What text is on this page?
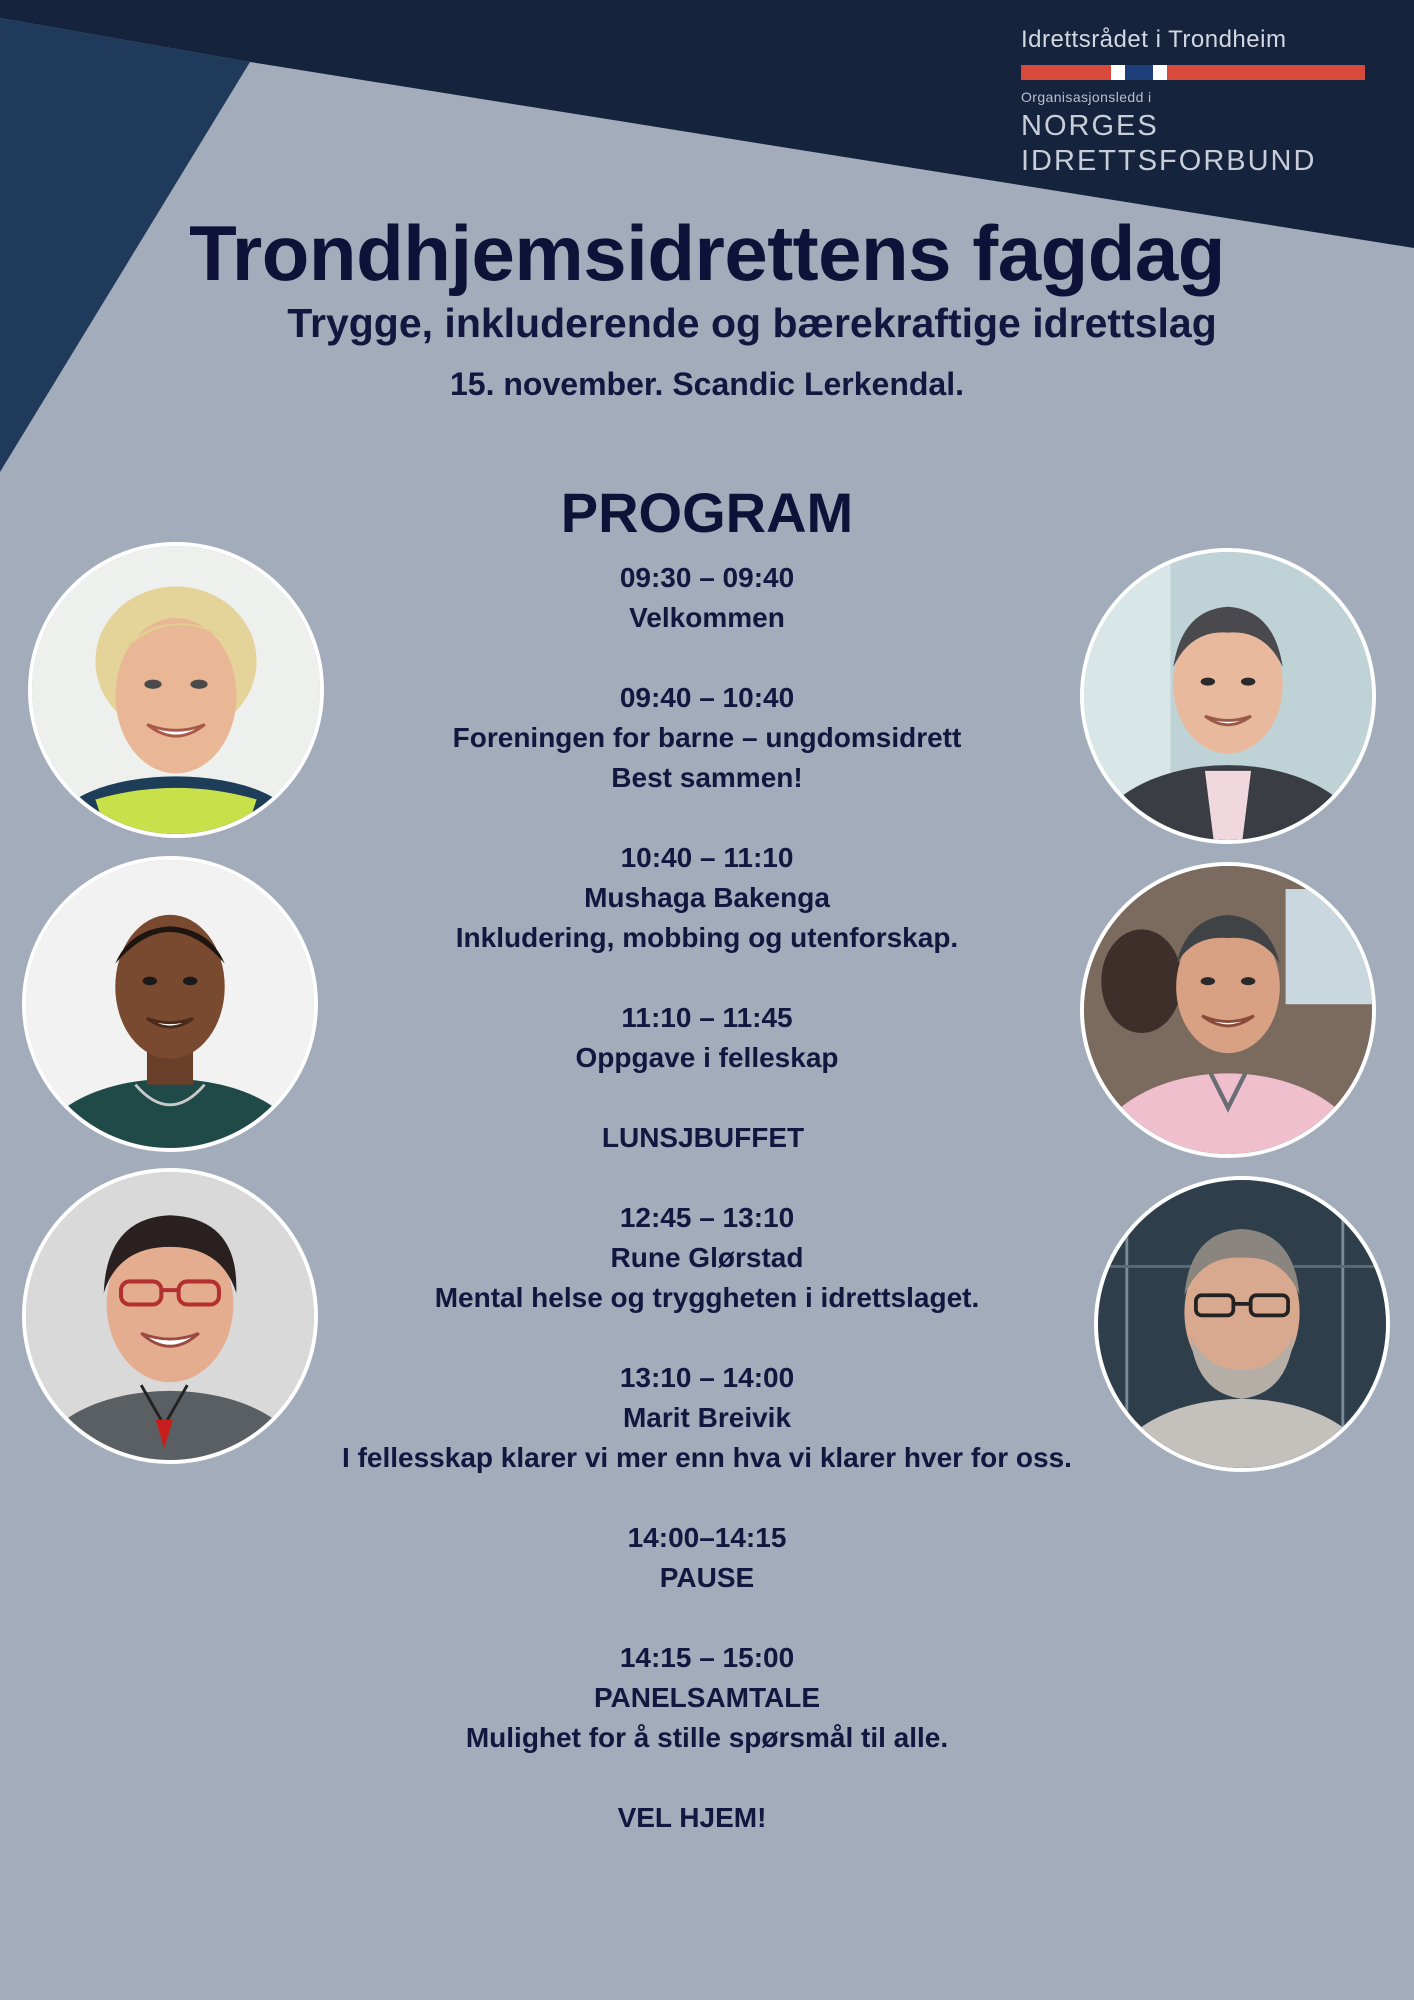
Idrettsrådet i Trondheim
Organisasjonsledd i
NORGES
IDRETTSFORBUND
Trondhjemsidrettens fagdag
Trygge, inkluderende og bærekraftige idrettslag
15. november. Scandic Lerkendal.
PROGRAM
09:30 – 09:40
Velkommen
09:40 – 10:40
Foreningen for barne – ungdomsidrett
Best sammen!
10:40 – 11:10
Mushaga Bakenga
Inkludering, mobbing og utenforskap.
11:10 – 11:45
Oppgave i felleskap
LUNSJBUFFET
12:45 – 13:10
Rune Glørstad
Mental helse og tryggheten i idrettslaget.
13:10 – 14:00
Marit Breivik
I fellesskap klarer vi mer enn hva vi klarer hver for oss.
14:00–14:15
PAUSE
14:15 – 15:00
PANELSAMTALE
Mulighet for å stille spørsmål til alle.
VEL HJEM!
